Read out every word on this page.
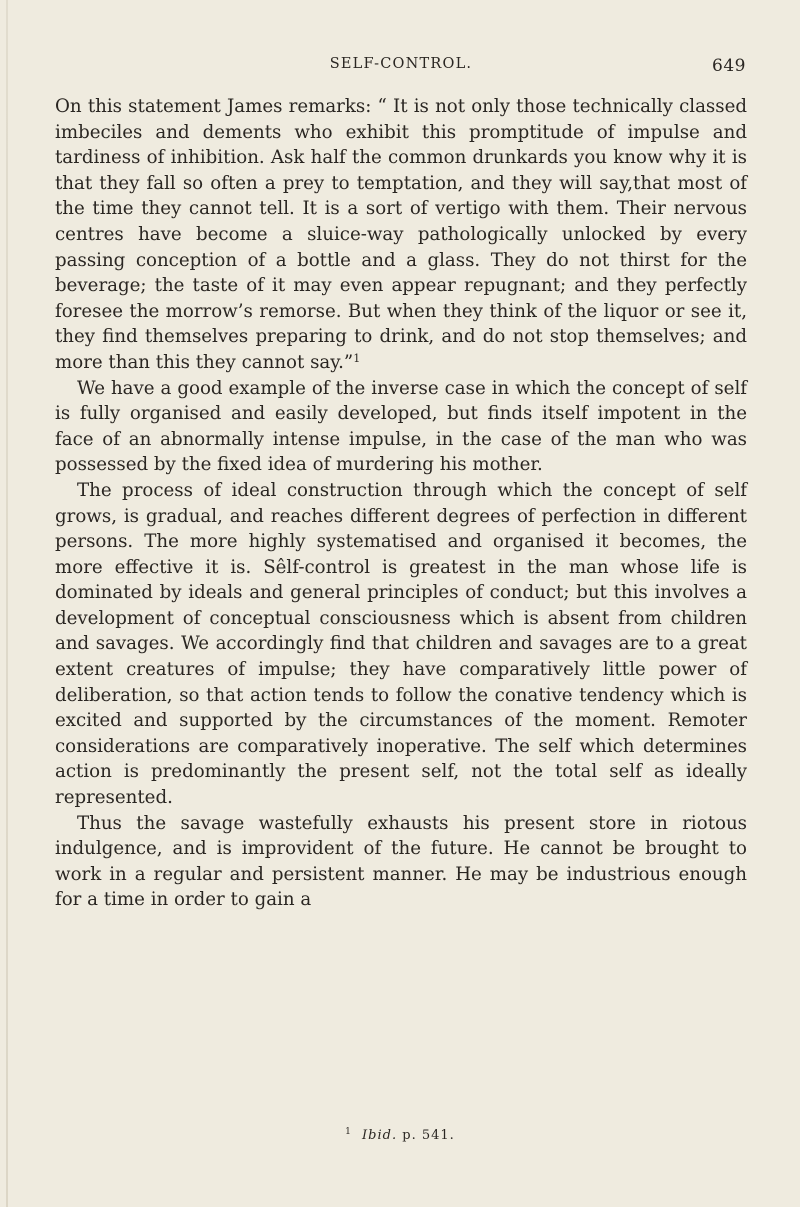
SELF-CONTROL.	649

On this statement James remarks: “ It is not only those technically classed imbeciles and dements who exhibit this promptitude of impulse and tardiness of inhibition. Ask half the common drunkards you know why it is that they fall so often a prey to temptation, and they will say,that most of the time they cannot tell. It is a sort of vertigo with them. Their nervous centres have become a sluice-way pathologically unlocked by every passing conception of a bottle and a glass. They do not thirst for the beverage; the taste of it may even appear repugnant; and they perfectly foresee the morrow’s remorse. But when they think of the liquor or see it, they find themselves preparing to drink, and do not stop themselves; and more than this they cannot say.”$^1$

We have a good example of the inverse case in which the concept of self is fully organised and easily developed, but finds itself impotent in the face of an abnormally intense impulse, in the case of the man who was possessed by the fixed idea of murdering his mother.

The process of ideal construction through which the concept of self grows, is gradual, and reaches different degrees of perfection in different persons. The more highly systematised and organised it becomes, the more effective it is. Sêlf-control is greatest in the man whose life is dominated by ideals and general principles of conduct; but this involves a development of conceptual consciousness which is absent from children and savages. We accordingly find that children and savages are to a great extent creatures of impulse; they have comparatively little power of deliberation, so that action tends to follow the conative tendency which is excited and supported by the circumstances of the moment. Remoter considerations are comparatively inoperative. The self which determines action is predominantly the present self, not the total self as ideally represented.

Thus the savage wastefully exhausts his present store in riotous indulgence, and is improvident of the future. He cannot be brought to work in a regular and persistent manner. He may be industrious enough for a time in order to gain a

$^1$ Ibid. p. 541.
